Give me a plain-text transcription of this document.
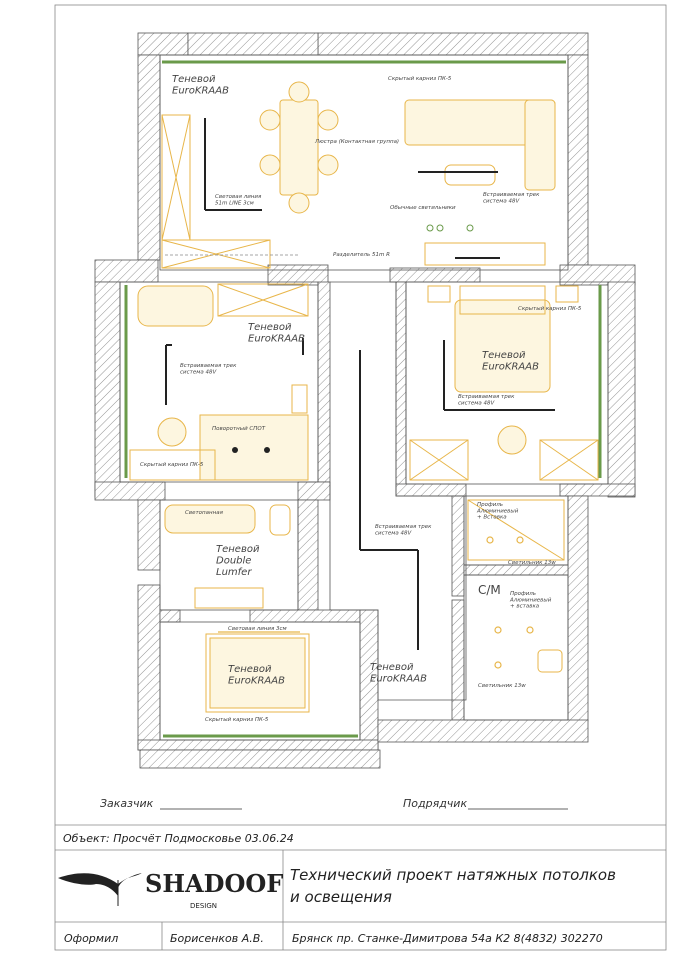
Теневой EuroKRAAB
Теневой EuroKRAAB
Теневой EuroKRAAB
Теневой Double Lumfer
Теневой EuroKRAAB
Теневой EuroKRAAB
С/М
Скрытый карниз ПК-5
Люстра (Контактная группа)
Световая линия 51m LINE 3см
Встраиваемая трек система 48V
Обычные светильники
Разделитель 51m R
Скрытый карниз ПК-5
Встраиваемая трек система 48V
Встраиваемая трек система 48V
Поворотный СПОТ
Скрытый карниз ПК-5
Светопанная
Встраиваемая трек система 48V
Профиль Алюминиевый + Вставка
Светильник 13w
Световая линия 3см
Профиль Алюминиевый + вставка
Светильник 13w
Скрытый карниз ПК-5
Заказчик	Подрядчик
Объект: Просчёт Подмосковье 03.06.24
SHADOOF
DESIGN
Технический проект натяжных потолков
и освещения
Оформил	Борисенков А.В.	Брянск пр. Станке-Димитрова 54а К2 8(4832) 302270
